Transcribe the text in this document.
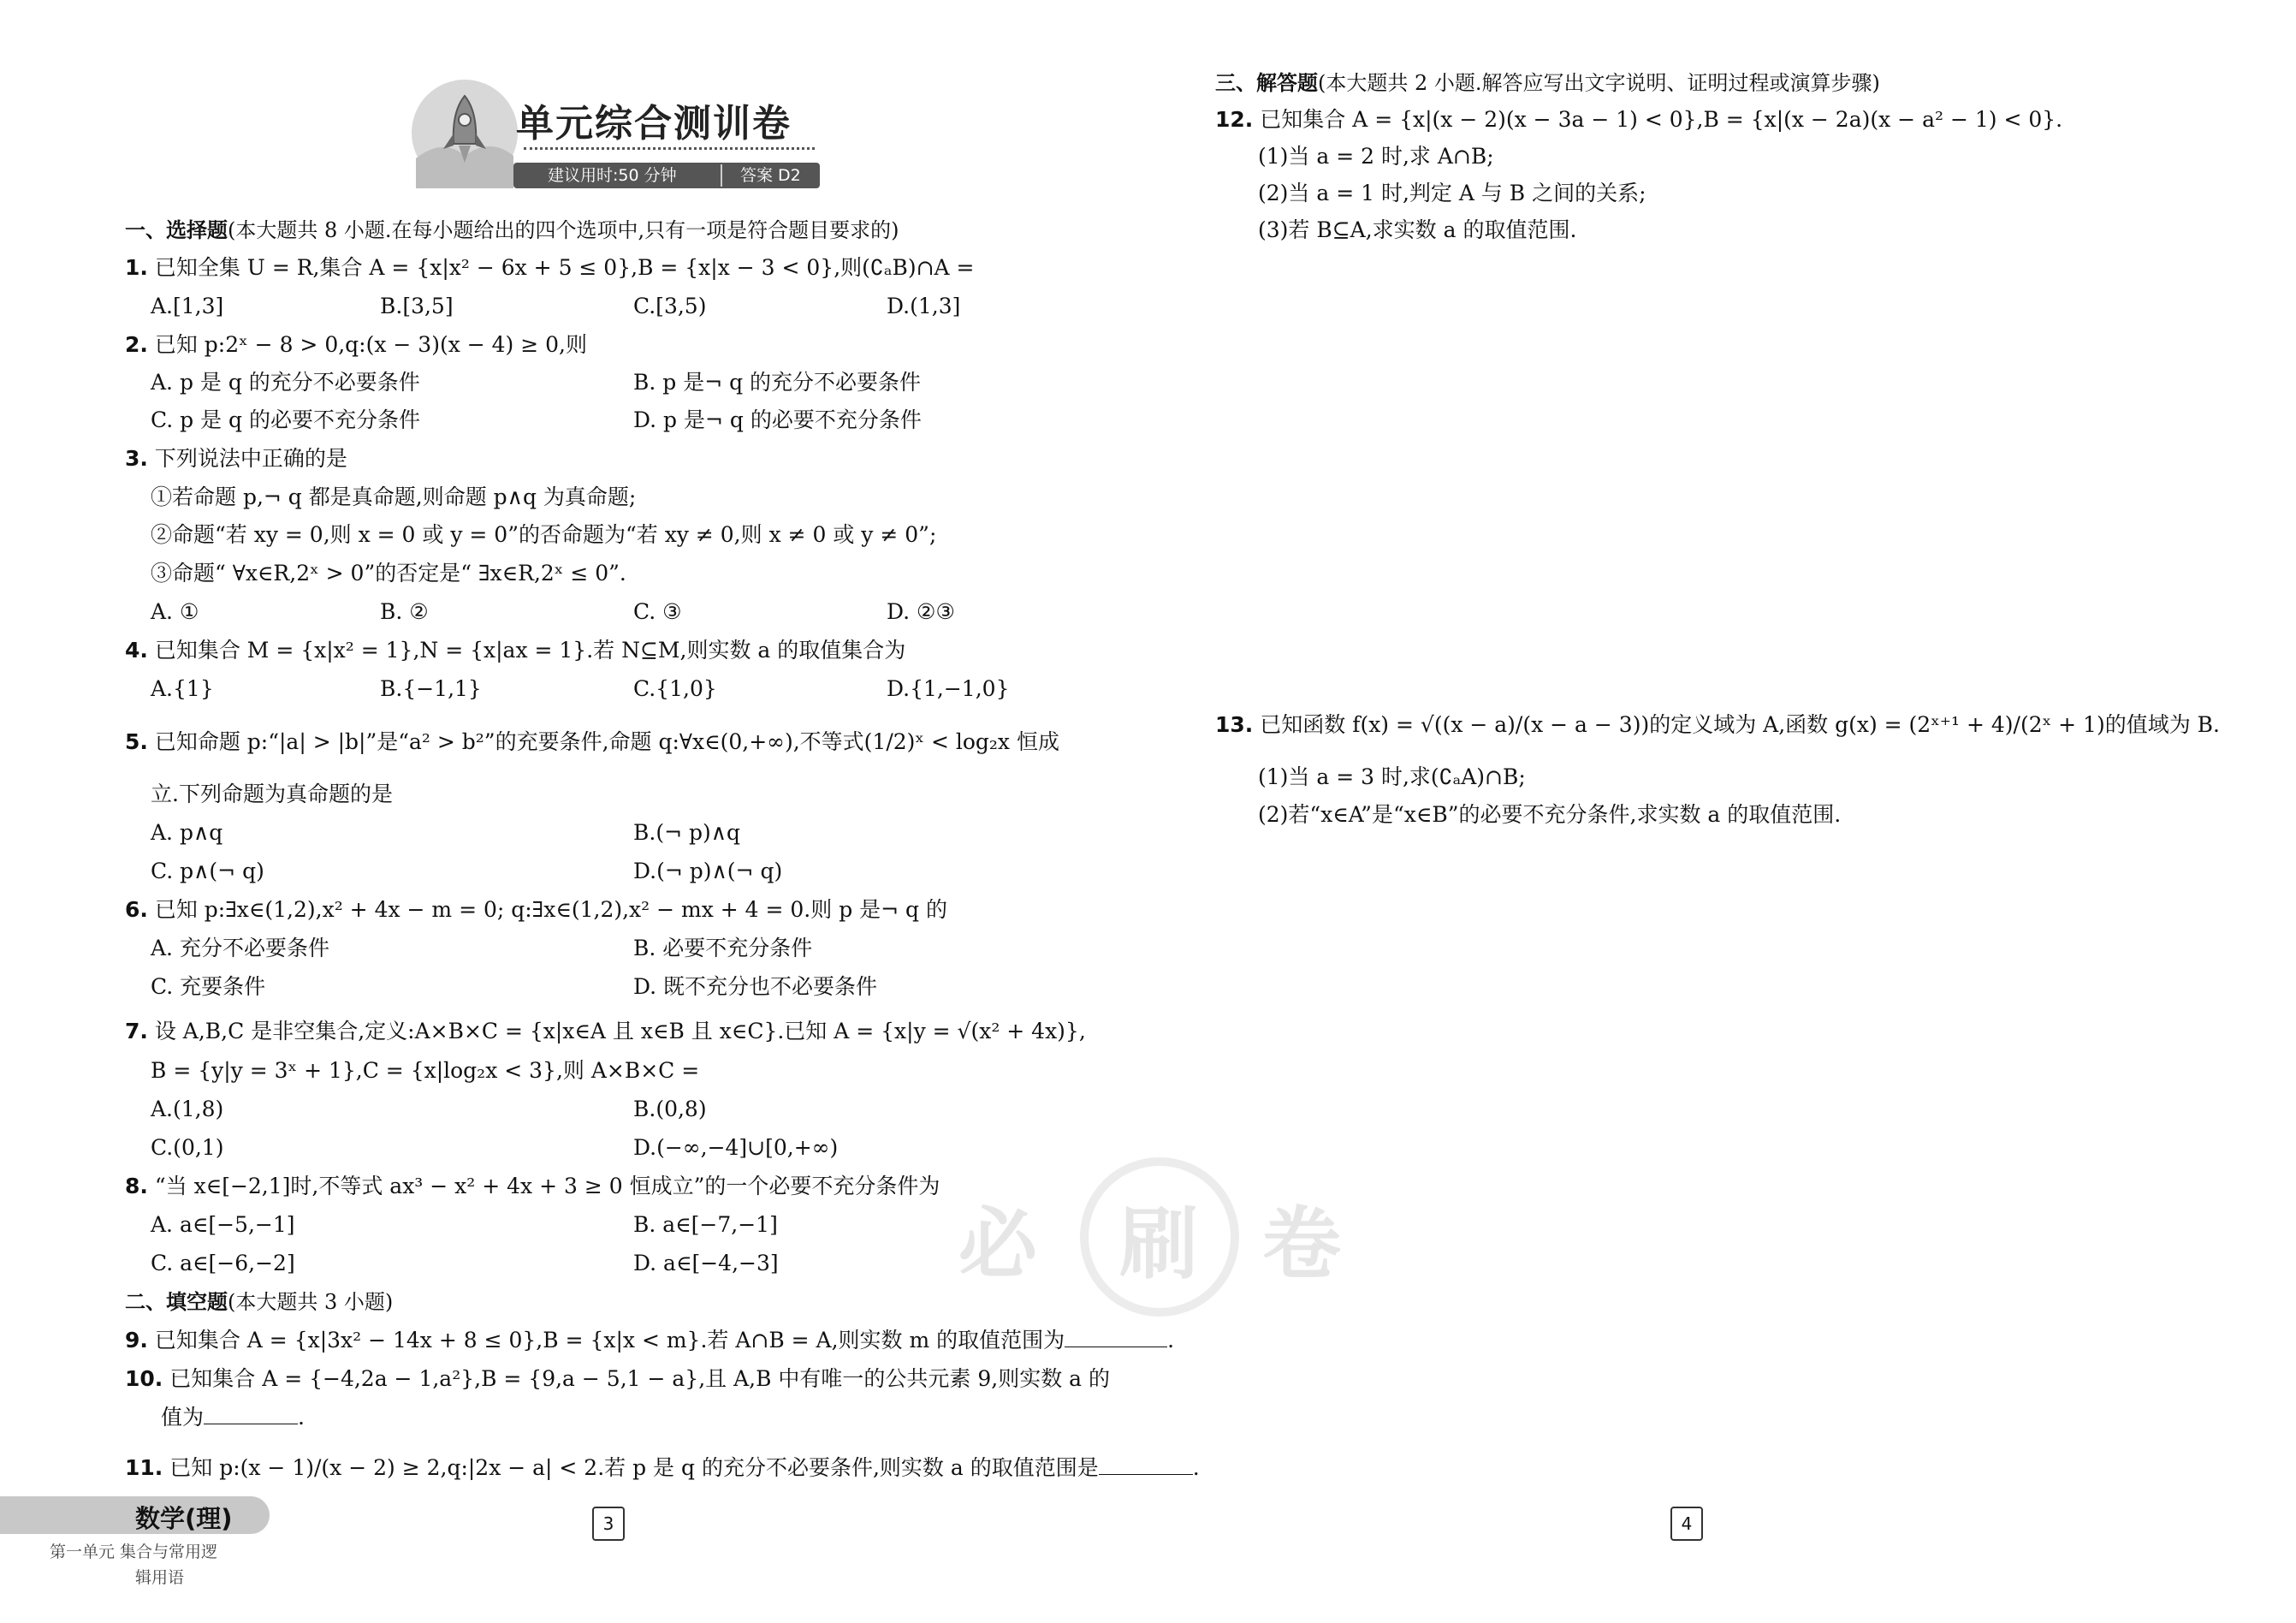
单元综合测训卷
建议用时:50 分钟	答案 D2
必 刷 卷
一、选择题(本大题共 8 小题.在每小题给出的四个选项中,只有一项是符合题目要求的)
1. 已知全集 U = R,集合 A = {x|x² − 6x + 5 ≤ 0},B = {x|x − 3 < 0},则(∁ₐB)∩A =
A.[1,3]	B.[3,5]	C.[3,5)	D.(1,3]
2. 已知 p:2ˣ − 8 > 0,q:(x − 3)(x − 4) ≥ 0,则
A. p 是 q 的充分不必要条件	B. p 是¬ q 的充分不必要条件
C. p 是 q 的必要不充分条件	D. p 是¬ q 的必要不充分条件
3. 下列说法中正确的是
①若命题 p,¬ q 都是真命题,则命题 p∧q 为真命题;
②命题“若 xy = 0,则 x = 0 或 y = 0”的否命题为“若 xy ≠ 0,则 x ≠ 0 或 y ≠ 0”;
③命题“ ∀x∈R,2ˣ > 0”的否定是“ ∃x∈R,2ˣ ≤ 0”.
A. ①	B. ②	C. ③	D. ②③
4. 已知集合 M = {x|x² = 1},N = {x|ax = 1}.若 N⊆M,则实数 a 的取值集合为
A.{1}	B.{−1,1}	C.{1,0}	D.{1,−1,0}
5. 已知命题 p:“|a| > |b|”是“a² > b²”的充要条件,命题 q:∀x∈(0,+∞),不等式(1/2)ˣ < log₂x 恒成
立.下列命题为真命题的是
A. p∧q	B.(¬ p)∧q
C. p∧(¬ q)	D.(¬ p)∧(¬ q)
6. 已知 p:∃x∈(1,2),x² + 4x − m = 0; q:∃x∈(1,2),x² − mx + 4 = 0.则 p 是¬ q 的
A. 充分不必要条件	B. 必要不充分条件
C. 充要条件	D. 既不充分也不必要条件
7. 设 A,B,C 是非空集合,定义:A×B×C = {x|x∈A 且 x∈B 且 x∈C}.已知 A = {x|y = √(x² + 4x)},
B = {y|y = 3ˣ + 1},C = {x|log₂x < 3},则 A×B×C =
A.(1,8)	B.(0,8)
C.(0,1)	D.(−∞,−4]∪[0,+∞)
8. “当 x∈[−2,1]时,不等式 ax³ − x² + 4x + 3 ≥ 0 恒成立”的一个必要不充分条件为
A. a∈[−5,−1]	B. a∈[−7,−1]
C. a∈[−6,−2]	D. a∈[−4,−3]
二、填空题(本大题共 3 小题)
9. 已知集合 A = {x|3x² − 14x + 8 ≤ 0},B = {x|x < m}.若 A∩B = A,则实数 m 的取值范围为	.
10. 已知集合 A = {−4,2a − 1,a²},B = {9,a − 5,1 − a},且 A,B 中有唯一的公共元素 9,则实数 a 的
值为	.
11. 已知 p:(x − 1)/(x − 2) ≥ 2,q:|2x − a| < 2.若 p 是 q 的充分不必要条件,则实数 a 的取值范围是	.
三、解答题(本大题共 2 小题.解答应写出文字说明、证明过程或演算步骤)
12. 已知集合 A = {x|(x − 2)(x − 3a − 1) < 0},B = {x|(x − 2a)(x − a² − 1) < 0}.
(1)当 a = 2 时,求 A∩B;
(2)当 a = 1 时,判定 A 与 B 之间的关系;
(3)若 B⊆A,求实数 a 的取值范围.
13. 已知函数 f(x) = √((x − a)/(x − a − 3))的定义域为 A,函数 g(x) = (2ˣ⁺¹ + 4)/(2ˣ + 1)的值域为 B.
(1)当 a = 3 时,求(∁ₐA)∩B;
(2)若“x∈A”是“x∈B”的必要不充分条件,求实数 a 的取值范围.
数学(理)
第一单元 集合与常用逻
辑用语
3	4
